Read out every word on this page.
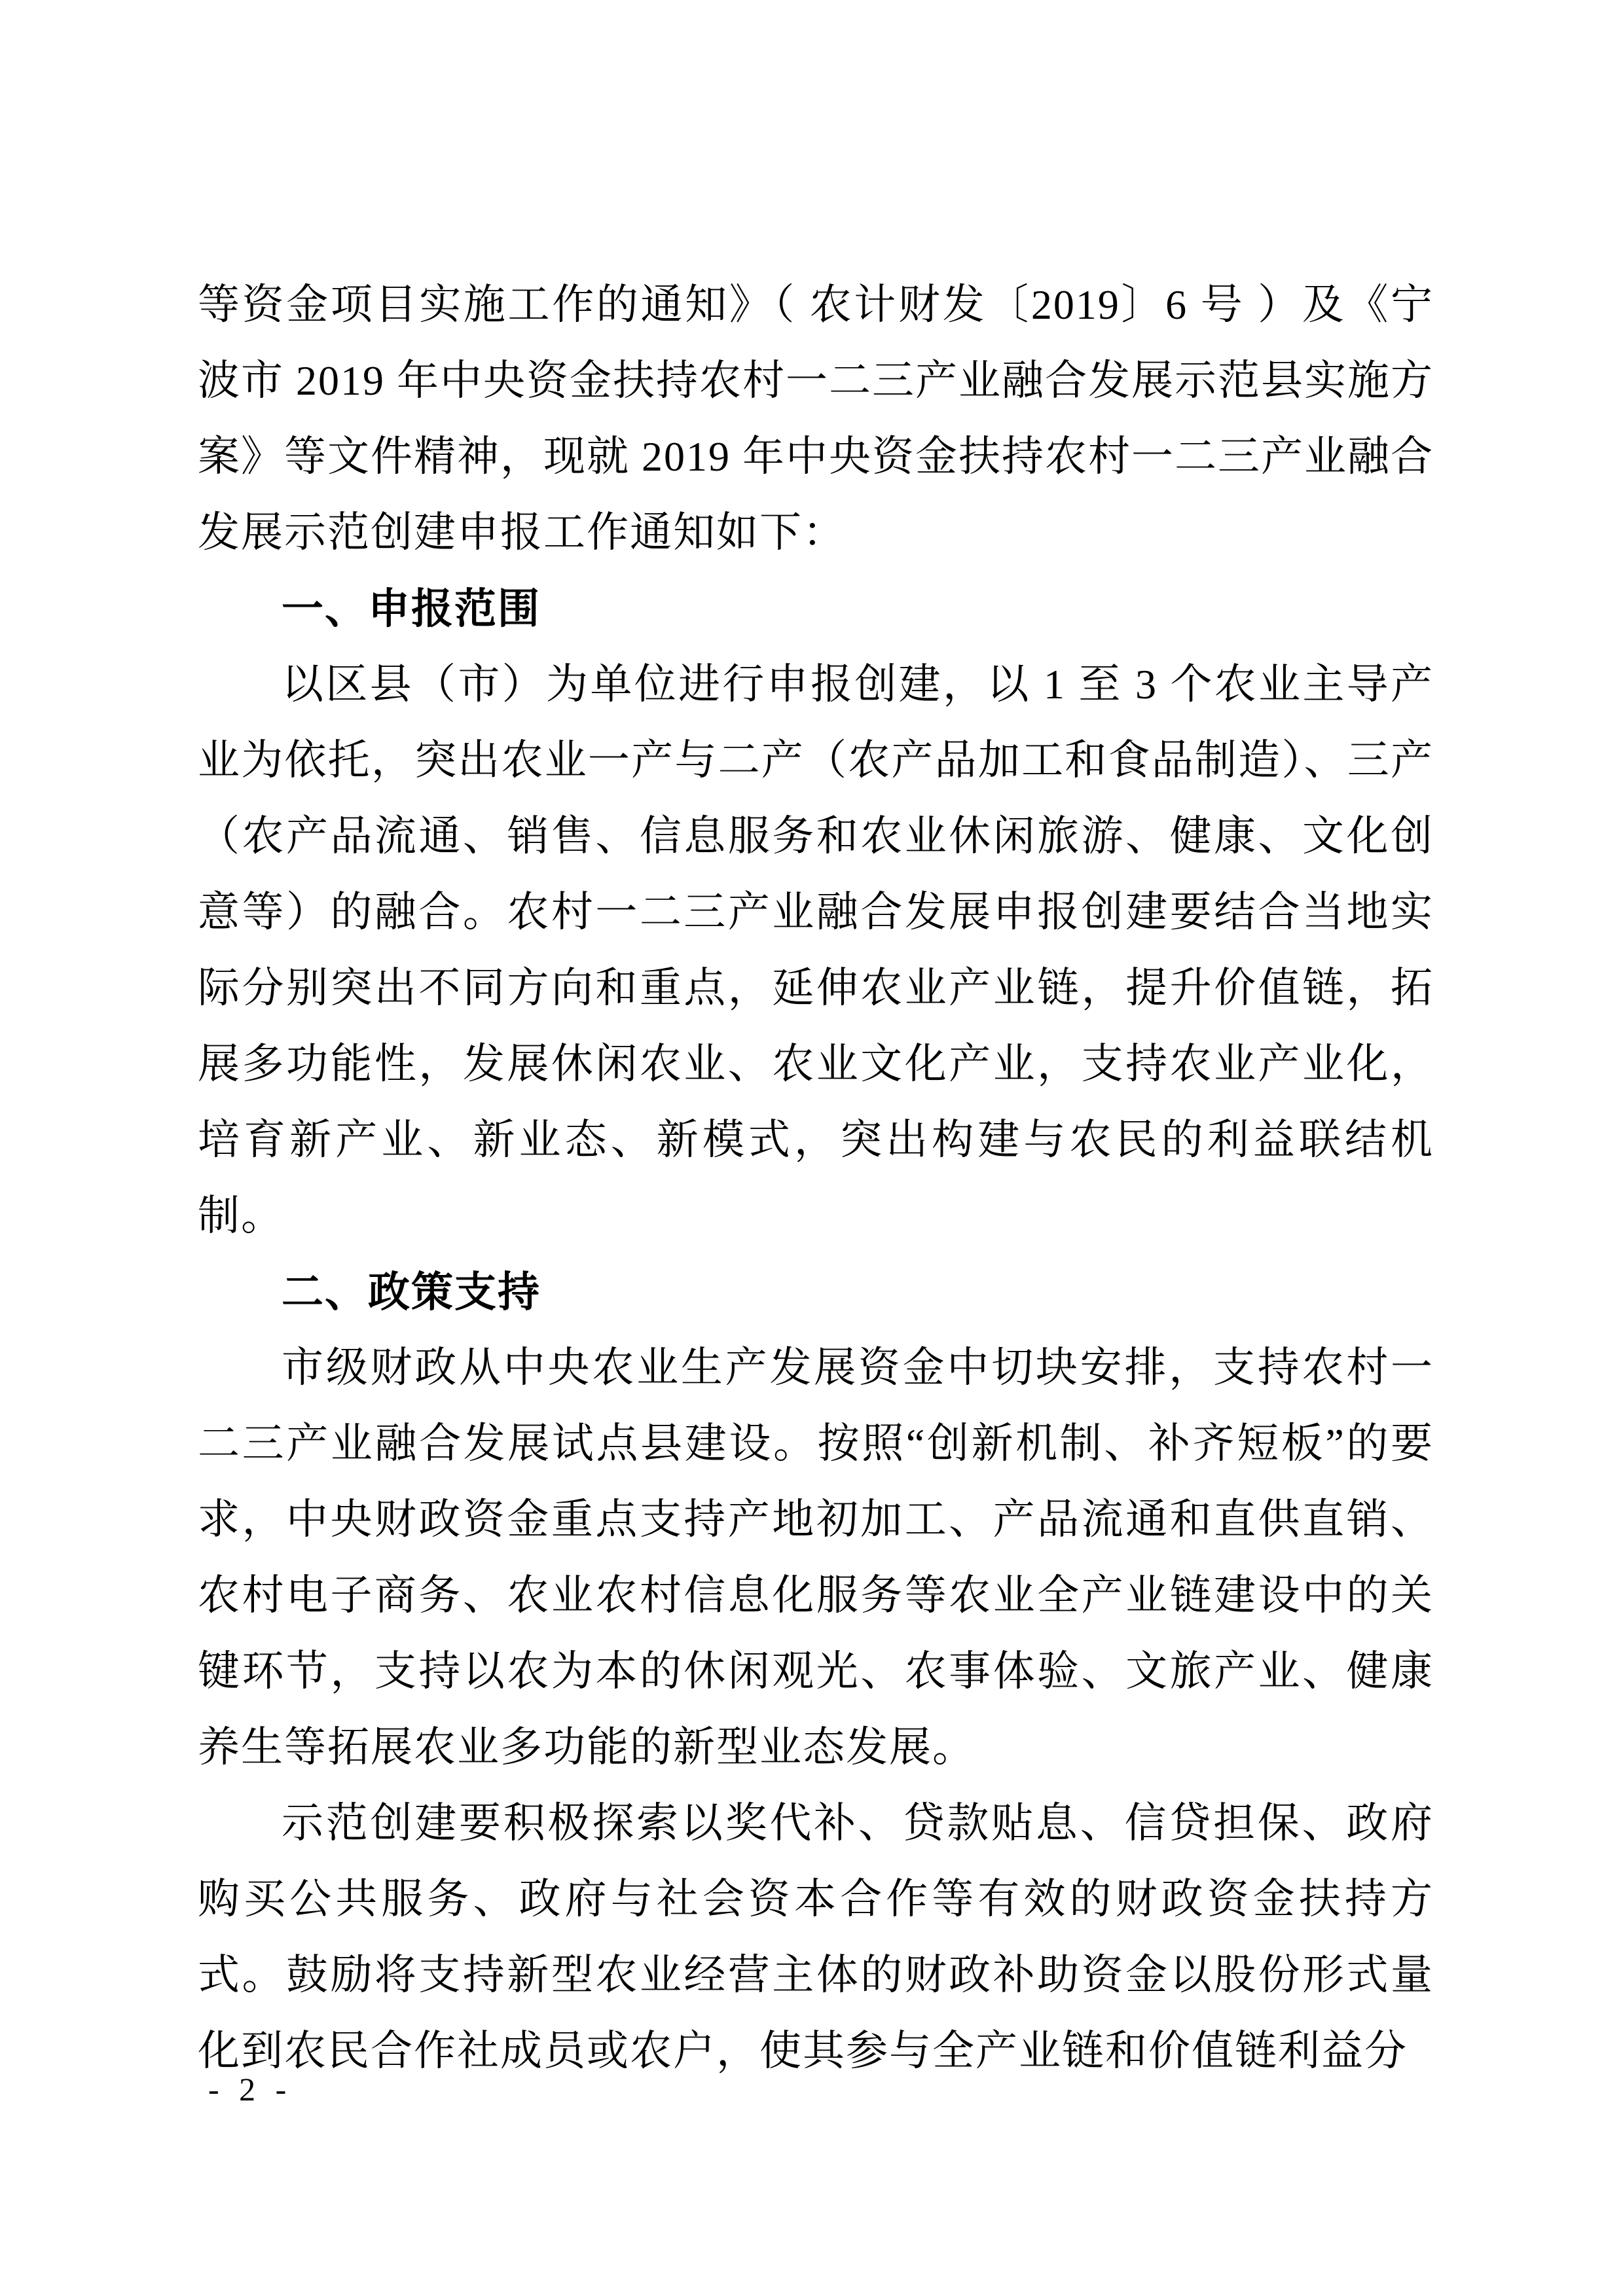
等资金项目实施工作的通知》（ 农计财发〔2019〕6 号 ）及《宁波市 2019 年中央资金扶持农村一二三产业融合发展示范县实施方案》等文件精神，现就 2019 年中央资金扶持农村一二三产业融合发展示范创建申报工作通知如下：

一、申报范围

以区县（市）为单位进行申报创建，以 1 至 3 个农业主导产业为依托，突出农业一产与二产（农产品加工和食品制造）、三产（农产品流通、销售、信息服务和农业休闲旅游、健康、文化创意等）的融合。农村一二三产业融合发展申报创建要结合当地实际分别突出不同方向和重点，延伸农业产业链，提升价值链，拓展多功能性，发展休闲农业、农业文化产业，支持农业产业化，培育新产业、新业态、新模式，突出构建与农民的利益联结机制。

二、政策支持

市级财政从中央农业生产发展资金中切块安排，支持农村一二三产业融合发展试点县建设。按照“创新机制、补齐短板”的要求，中央财政资金重点支持产地初加工、产品流通和直供直销、农村电子商务、农业农村信息化服务等农业全产业链建设中的关键环节，支持以农为本的休闲观光、农事体验、文旅产业、健康养生等拓展农业多功能的新型业态发展。

示范创建要积极探索以奖代补、贷款贴息、信贷担保、政府购买公共服务、政府与社会资本合作等有效的财政资金扶持方式。鼓励将支持新型农业经营主体的财政补助资金以股份形式量化到农民合作社成员或农户，使其参与全产业链和价值链利益分

- 2 -
